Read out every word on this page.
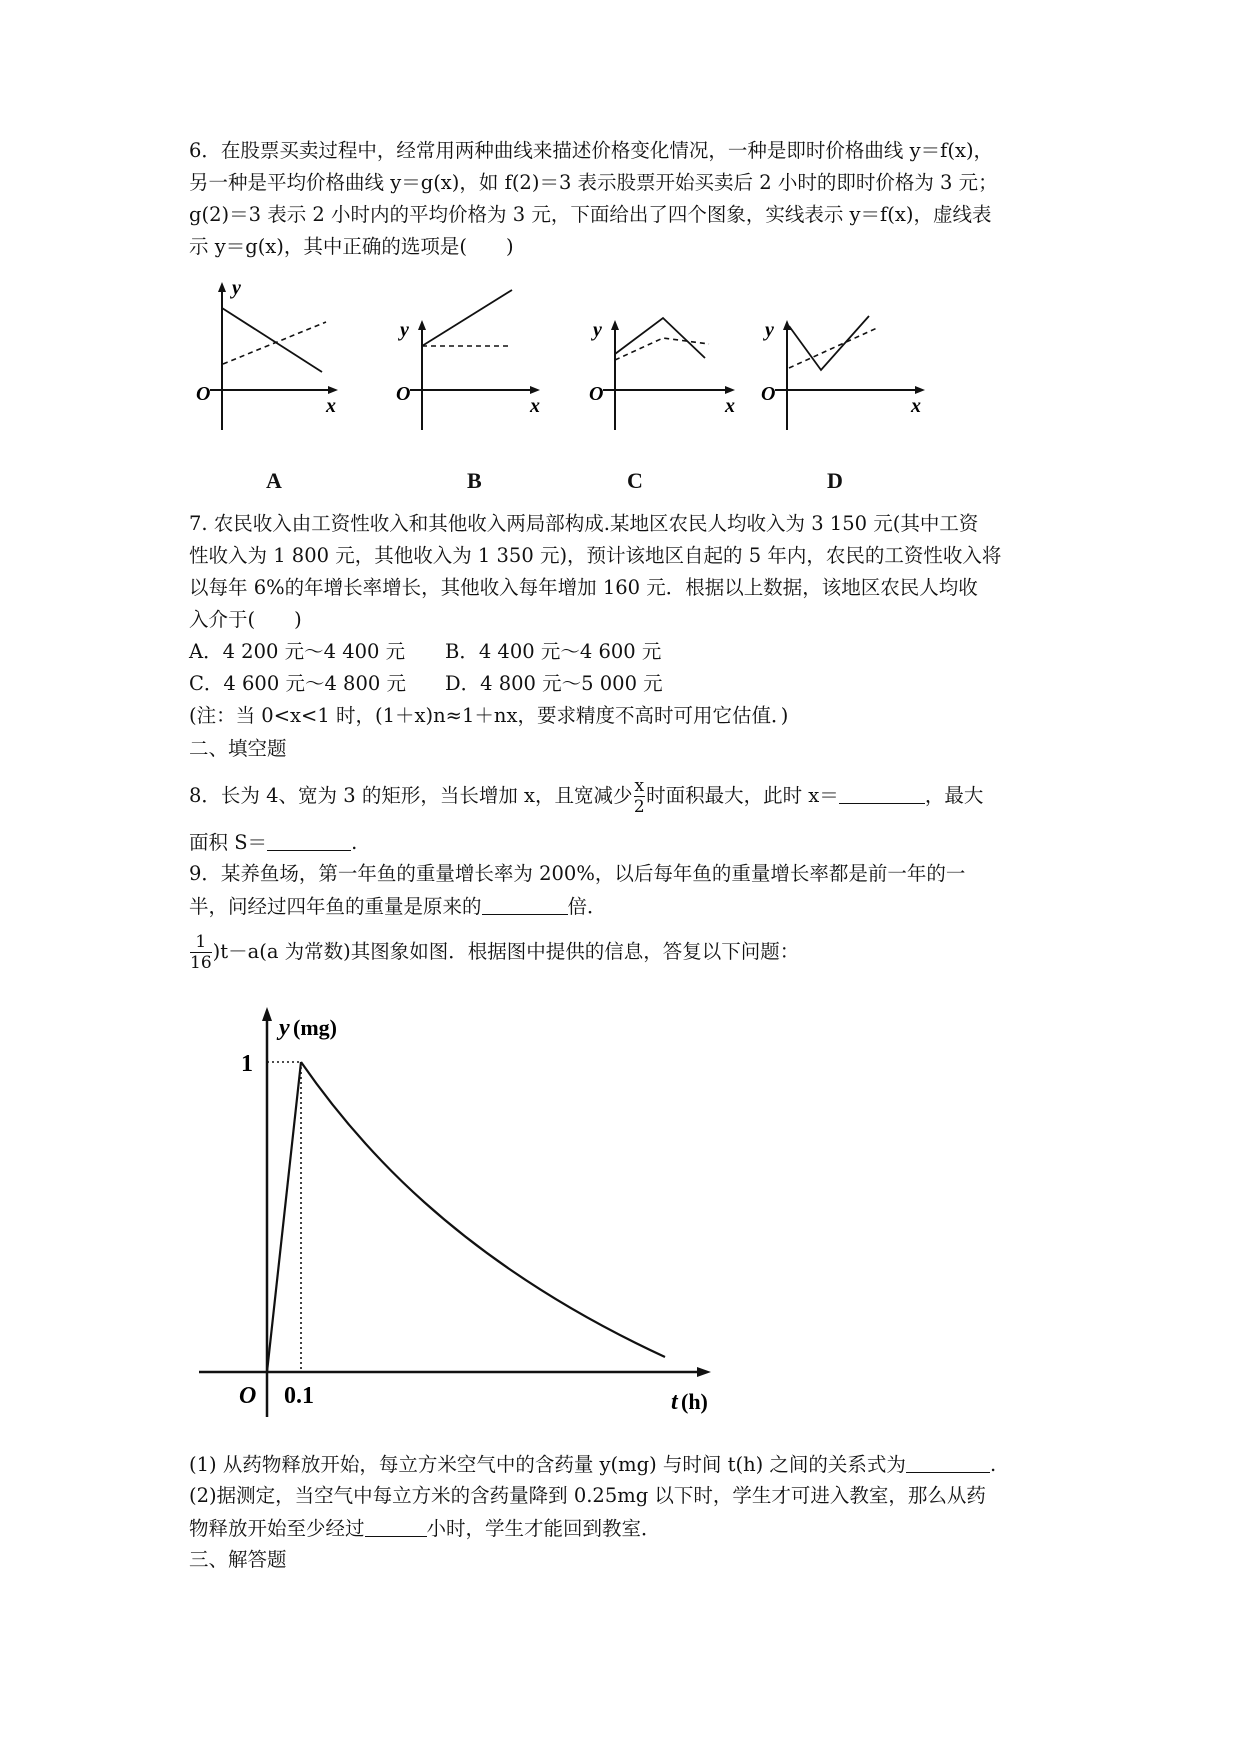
6．在股票买卖过程中，经常用两种曲线来描述价格变化情况，一种是即时价格曲线 y＝f(x)，
另一种是平均价格曲线 y＝g(x)，如 f(2)＝3 表示股票开始买卖后 2 小时的即时价格为 3 元；
g(2)＝3 表示 2 小时内的平均价格为 3 元，下面给出了四个图象，实线表示 y＝f(x)，虚线表
示 y＝g(x)，其中正确的选项是(　　)
y
O
x
A
y
O
x
B
y
O
x
C
y
O
x
D
7. 农民收入由工资性收入和其他收入两局部构成.某地区农民人均收入为 3 150 元(其中工资
性收入为 1 800 元，其他收入为 1 350 元)，预计该地区自起的 5 年内，农民的工资性收入将
以每年 6%的年增长率增长，其他收入每年增加 160 元．根据以上数据，该地区农民人均收
入介于(　　)
A．4 200 元～4 400 元 B．4 400 元～4 600 元
C．4 600 元～4 800 元 D．4 800 元～5 000 元
(注：当 0<x<1 时，(1＋x)n≈1＋nx，要求精度不高时可用它估值．)
二、填空题
8．长为 4、宽为 3 的矩形，当长增加 x，且宽减少 $\frac{x}{2}$ 时面积最大，此时 x＝	，最大
面积 S＝	.
9．某养鱼场，第一年鱼的重量增长率为 200%，以后每年鱼的重量增长率都是前一年的一
半，问经过四年鱼的重量是原来的	倍．
$\frac{1}{16} )t-a(a$ 为常数)其图象如图．根据图中提供的信息，答复以下问题：
y (mg)
1
O 0.1	t (h)
(1) 从药物释放开始，每立方米空气中的含药量 y(mg) 与时间 t(h) 之间的关系式为	.
(2)据测定，当空气中每立方米的含药量降到 0.25mg 以下时，学生才可进入教室，那么从药
物释放开始至少经过	小时，学生才能回到教室．
三、解答题
